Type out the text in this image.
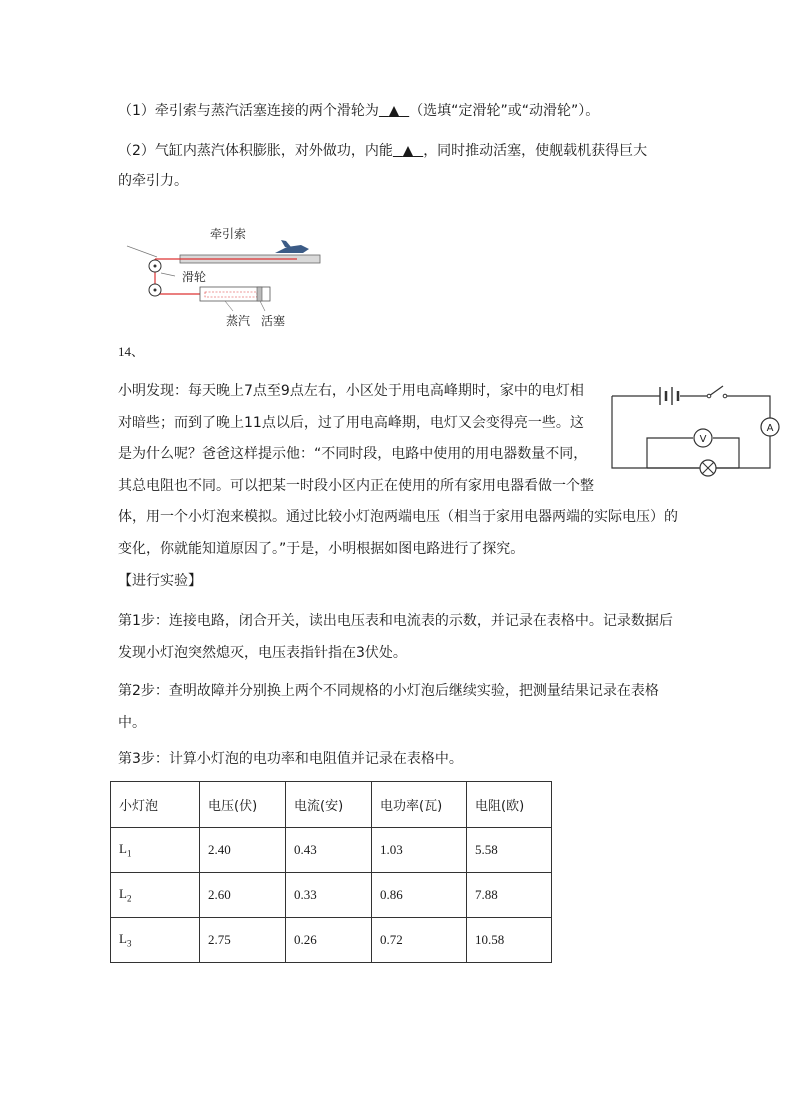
（1）牵引索与蒸汽活塞连接的两个滑轮为 ▲ （选填“定滑轮”或“动滑轮”）。
（2）气缸内蒸汽体积膨胀，对外做功，内能 ▲ ，同时推动活塞，使舰载机获得巨大
的牵引力。
牵引索
滑轮
蒸汽 活塞
14、
小明发现：每天晚上7点至9点左右，小区处于用电高峰期时，家中的电灯相对暗些；而到了晚上11点以后，过了用电高峰期，电灯又会变得亮一些。这是为什么呢？爸爸这样提示他：“不同时段，电路中使用的用电器数量不同，其总电阻也不同。可以把某一时段小区内正在使用的所有家用电器看做一个整
体，用一个小灯泡来模拟。通过比较小灯泡两端电压（相当于家用电器两端的实际电压）的变化，你就能知道原因了。”于是，小明根据如图电路进行了探究。
【进行实验】
第1步：连接电路，闭合开关，读出电压表和电流表的示数，并记录在表格中。记录数据后发现小灯泡突然熄灭，电压表指针指在3伏处。
第2步：查明故障并分别换上两个不同规格的小灯泡后继续实验，把测量结果记录在表格中。
第3步：计算小灯泡的电功率和电阻值并记录在表格中。
A
V
小灯泡	电压(伏)	电流(安)	电功率(瓦)	电阻(欧)
$L_1$	2.40	0.43	1.03	5.58
$L_2$	2.60	0.33	0.86	7.88
$L_3$	2.75	0.26	0.72	10.58
